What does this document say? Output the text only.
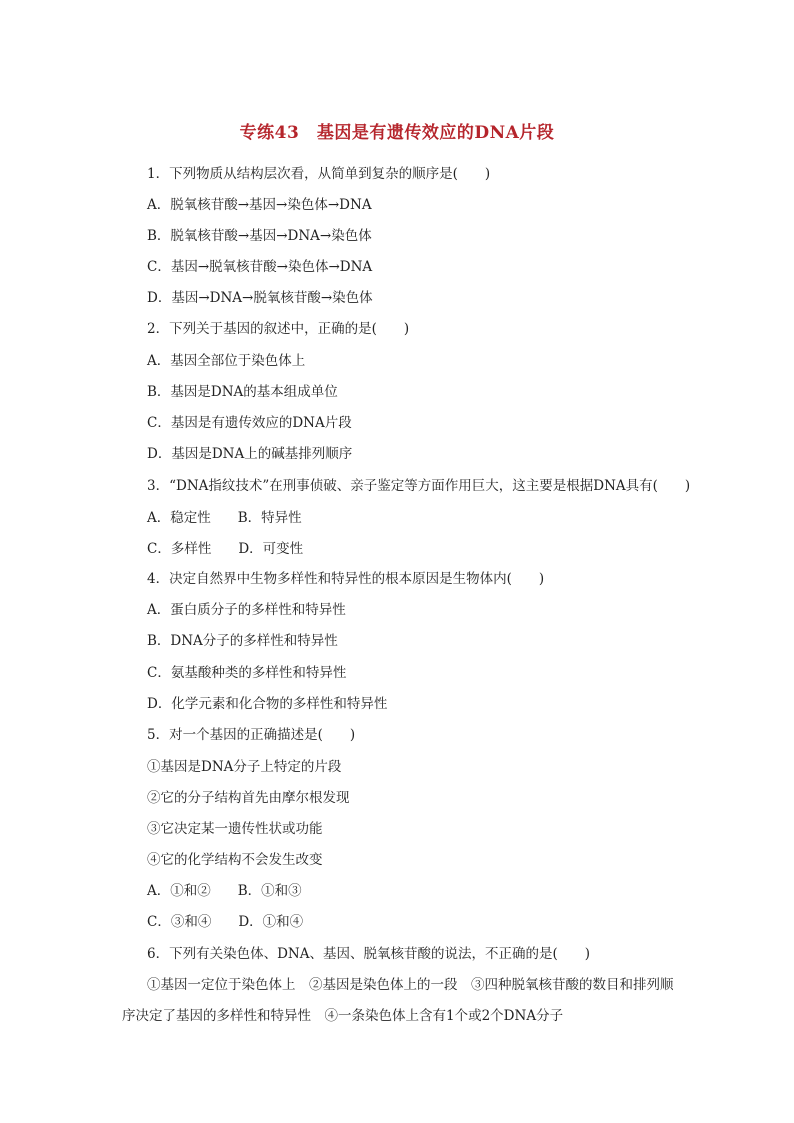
专练43　基因是有遗传效应的DNA片段
1．下列物质从结构层次看，从简单到复杂的顺序是(　　)
A．脱氧核苷酸→基因→染色体→DNA
B．脱氧核苷酸→基因→DNA→染色体
C．基因→脱氧核苷酸→染色体→DNA
D．基因→DNA→脱氧核苷酸→染色体
2．下列关于基因的叙述中，正确的是(　　)
A．基因全部位于染色体上
B．基因是DNA的基本组成单位
C．基因是有遗传效应的DNA片段
D．基因是DNA上的碱基排列顺序
3．“DNA指纹技术”在刑事侦破、亲子鉴定等方面作用巨大，这主要是根据DNA具有(　　)
A．稳定性　　B．特异性
C．多样性　　D．可变性
4．决定自然界中生物多样性和特异性的根本原因是生物体内(　　)
A．蛋白质分子的多样性和特异性
B．DNA分子的多样性和特异性
C．氨基酸种类的多样性和特异性
D．化学元素和化合物的多样性和特异性
5．对一个基因的正确描述是(　　)
①基因是DNA分子上特定的片段
②它的分子结构首先由摩尔根发现
③它决定某一遗传性状或功能
④它的化学结构不会发生改变
A．①和②　　B．①和③
C．③和④　　D．①和④
6．下列有关染色体、DNA、基因、脱氧核苷酸的说法，不正确的是(　　)
①基因一定位于染色体上　②基因是染色体上的一段　③四种脱氧核苷酸的数目和排列顺序决定了基因的多样性和特异性　④一条染色体上含有1个或2个DNA分子
